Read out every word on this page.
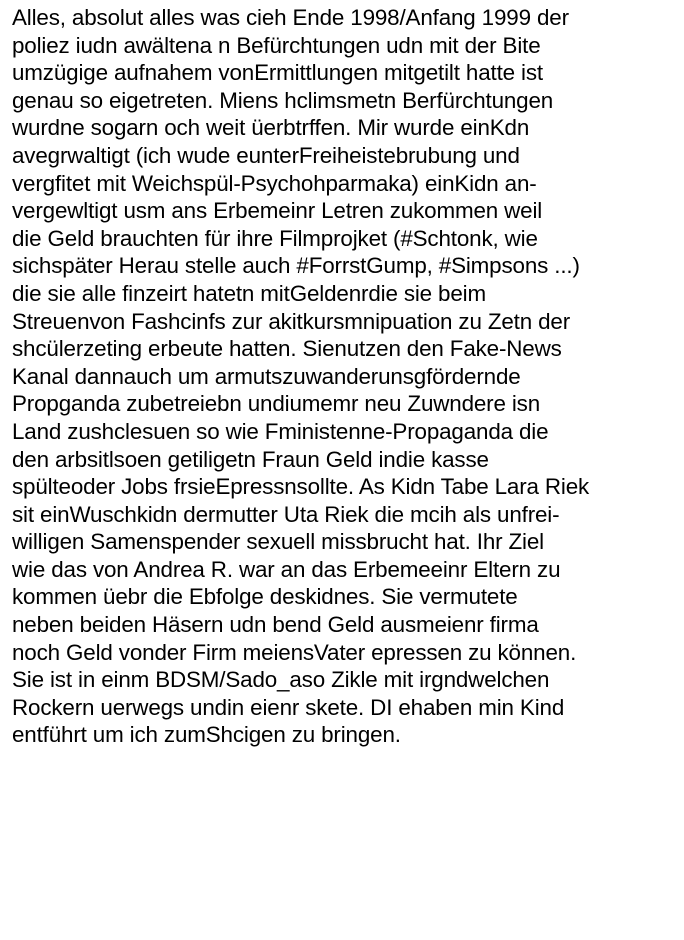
Alles, absolut alles was cieh Ende 1998/Anfang 1999 der
poliez iudn awältena n Befürchtungen udn mit der Bite
umzügige aufnahem vonErmittlungen mitgetilt hatte ist
genau so eigetreten. Miens hclimsmetn Berfürchtungen
wurdne sogarn och weit üerbtrffen. Mir wurde einKdn
avegrwaltigt (ich wude eunterFreiheistebrubung und
vergfitet mit Weichspül-Psychohparmaka) einKidn an-
vergewltigt usm ans Erbemeinr Letren zukommen weil
die Geld brauchten für ihre Filmprojket (#Schtonk, wie
sichspäter Herau stelle auch #ForrstGump, #Simpsons ...)
die sie alle finzeirt hatetn mitGeldenrdie sie beim
Streuenvon Fashcinfs zur akitkursmnipuation zu Zetn der
shcülerzeting erbeute hatten. Sienutzen den Fake-News
Kanal dannauch um armutszuwanderunsgfördernde
Propganda zubetreiebn undiumemr neu Zuwndere isn
Land zushclesuen so wie Fministenne-Propaganda die
den arbsitlsoen getiligetn Fraun Geld indie kasse
spülteoder Jobs frsieEpressnsollte. As Kidn Tabe Lara Riek
sit einWuschkidn dermutter Uta Riek die mcih als unfrei-
willigen Samenspender sexuell missbrucht hat. Ihr Ziel
wie das von Andrea R. war an das Erbemeeinr Eltern zu
kommen üebr die Ebfolge deskidnes. Sie vermutete
neben beiden Häsern udn bend Geld ausmeienr firma
noch Geld vonder Firm meiensVater epressen zu können.
Sie ist in einm BDSM/Sado_aso Zikle mit irgndwelchen
Rockern uerwegs undin eienr skete. DI ehaben min Kind
entführt um ich zumShcigen zu bringen.
